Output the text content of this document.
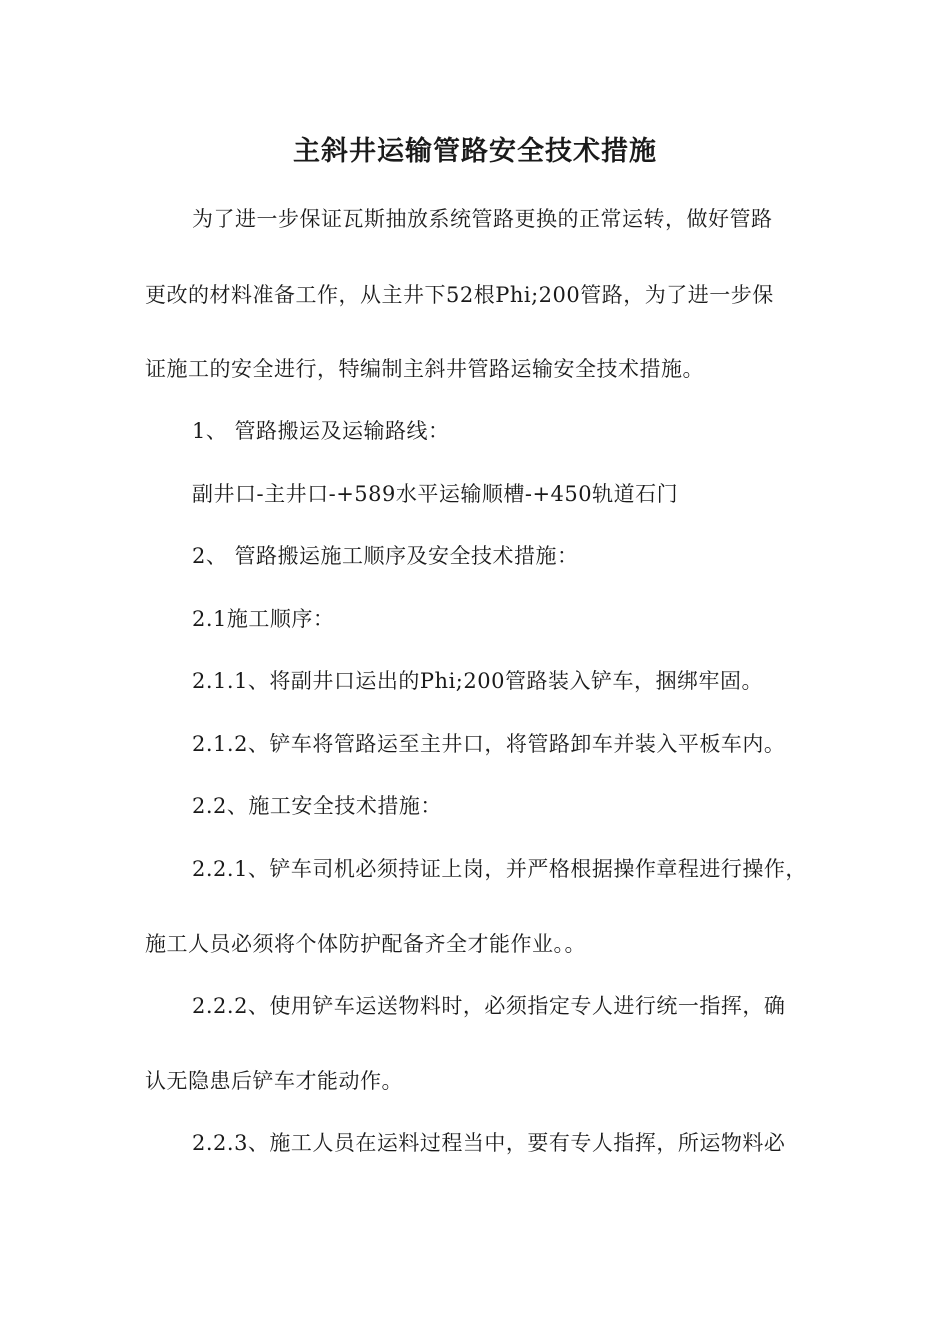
主斜井运输管路安全技术措施
为了进一步保证瓦斯抽放系统管路更换的正常运转，做好管路
更改的材料准备工作，从主井下52根Phi;200管路，为了进一步保
证施工的安全进行，特编制主斜井管路运输安全技术措施。
1、 管路搬运及运输路线：
副井口-主井口-+589水平运输顺槽-+450轨道石门
2、 管路搬运施工顺序及安全技术措施：
2.1施工顺序：
2.1.1、将副井口运出的Phi;200管路装入铲车，捆绑牢固。
2.1.2、铲车将管路运至主井口，将管路卸车并装入平板车内。
2.2、施工安全技术措施：
2.2.1、铲车司机必须持证上岗，并严格根据操作章程进行操作，
施工人员必须将个体防护配备齐全才能作业。。
2.2.2、使用铲车运送物料时，必须指定专人进行统一指挥，确
认无隐患后铲车才能动作。
2.2.3、施工人员在运料过程当中，要有专人指挥，所运物料必
